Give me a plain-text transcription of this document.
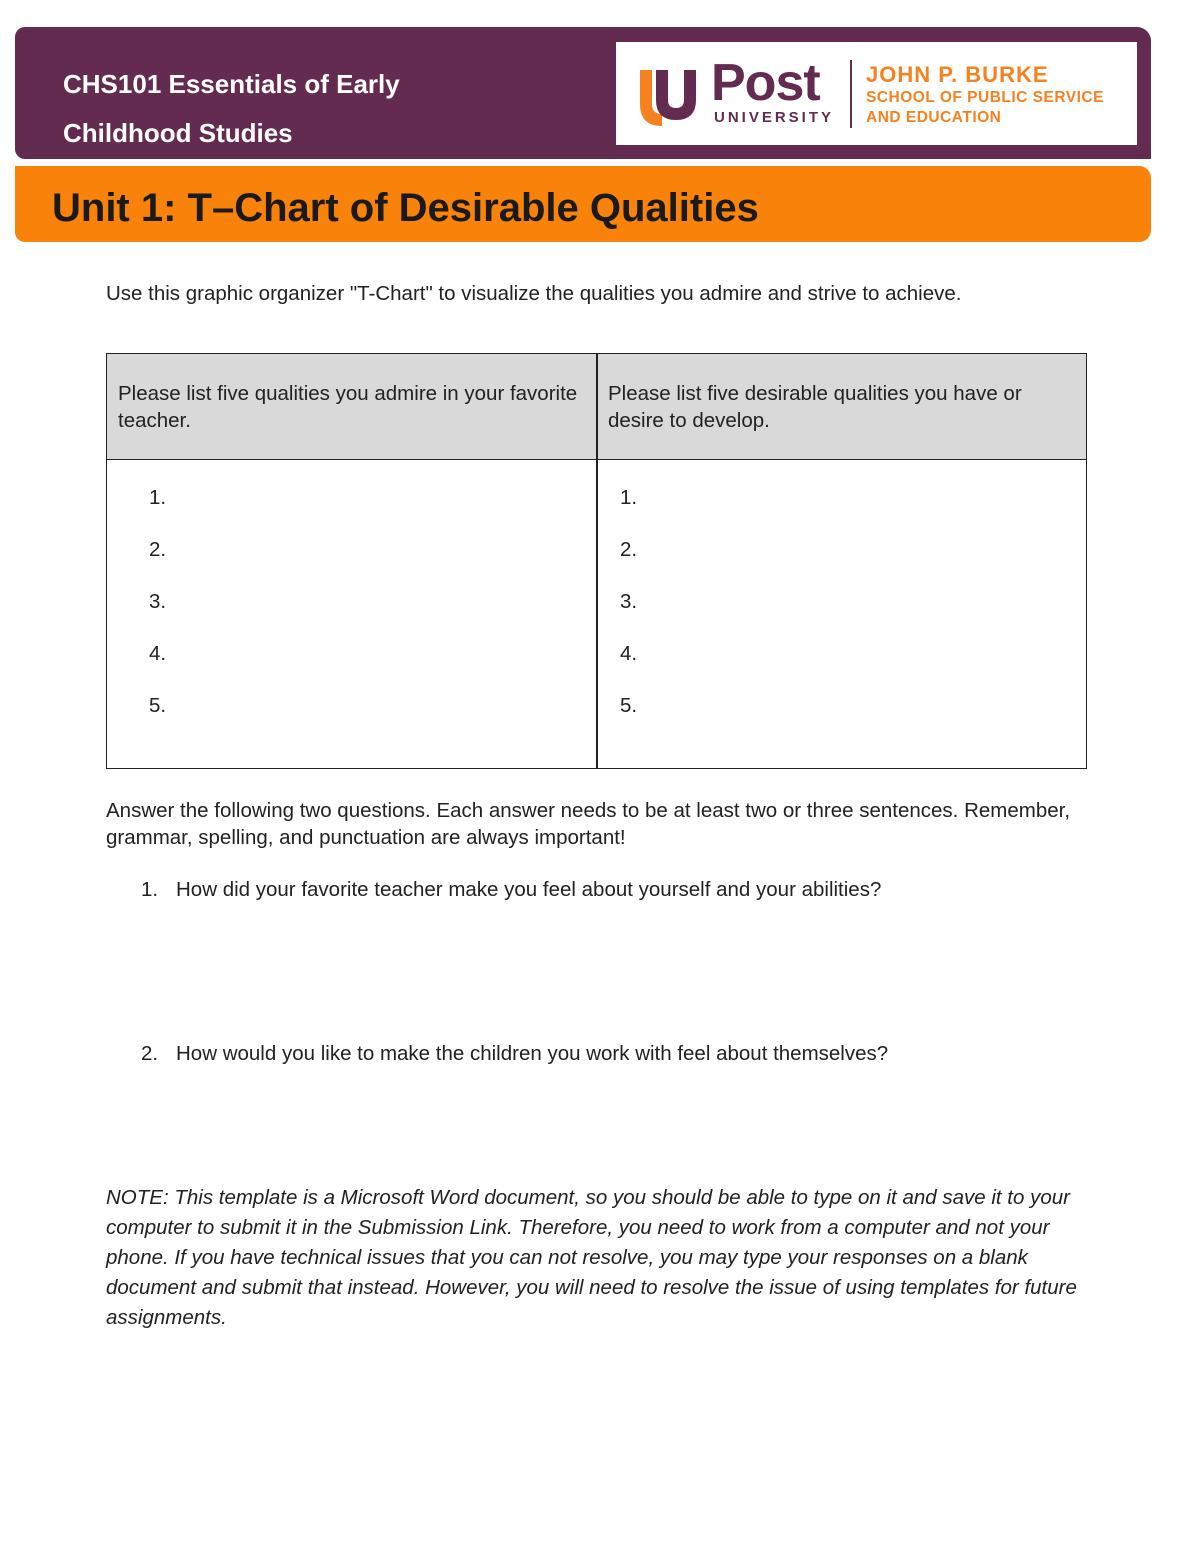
CHS101 Essentials of Early
Childhood Studies
Post
UNIVERSITY
JOHN P. BURKE
SCHOOL OF PUBLIC SERVICE
AND EDUCATION
Unit 1: T–Chart of Desirable Qualities

Use this graphic organizer "T-Chart" to visualize the qualities you admire and strive to achieve.

Please list five qualities you admire in your favorite teacher.
Please list five desirable qualities you have or desire to develop.
1.
2.
3.
4.
5.
1.
2.
3.
4.
5.

Answer the following two questions. Each answer needs to be at least two or three sentences. Remember, grammar, spelling, and punctuation are always important!

1. How did your favorite teacher make you feel about yourself and your abilities?

2. How would you like to make the children you work with feel about themselves?

NOTE: This template is a Microsoft Word document, so you should be able to type on it and save it to your computer to submit it in the Submission Link. Therefore, you need to work from a computer and not your phone. If you have technical issues that you can not resolve, you may type your responses on a blank document and submit that instead. However, you will need to resolve the issue of using templates for future assignments.
